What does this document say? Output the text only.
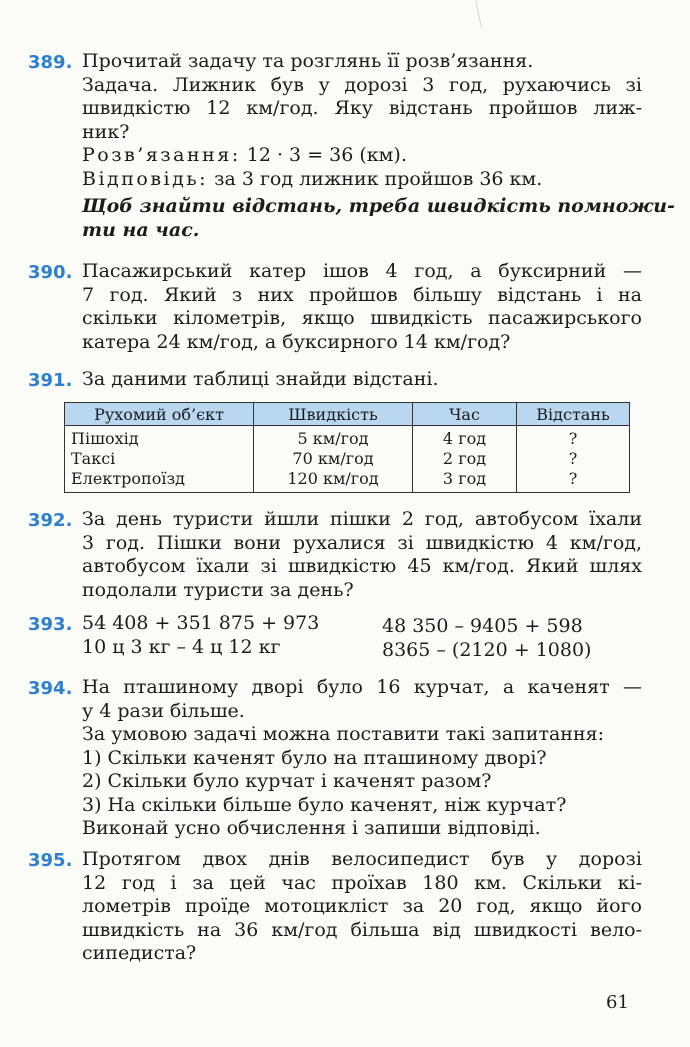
389. Прочитай задачу та розглянь її розв’язання.
Задача. Лижник був у дорозі 3 год, рухаючись зі
швидкістю 12 км/год. Яку відстань пройшов лиж-
ник?
Розв’язання: 12 · 3 = 36 (км).
Відповідь: за 3 год лижник пройшов 36 км.
Щоб знайти відстань, треба швидкість помножи-
ти на час.
390. Пасажирський катер ішов 4 год, а буксирний —
7 год. Який з них пройшов більшу відстань і на
скільки кілометрів, якщо швидкість пасажирського
катера 24 км/год, а буксирного 14 км/год?
391. За даними таблиці знайди відстані.
Рухомий об’єкт	Швидкість	Час	Відстань
Пішохід	5 км/год	4 год	?
Таксі	70 км/год	2 год	?
Електропоїзд	120 км/год	3 год	?
392. За день туристи йшли пішки 2 год, автобусом їхали
3 год. Пішки вони рухалися зі швидкістю 4 км/год,
автобусом їхали зі швидкістю 45 км/год. Який шлях
подолали туристи за день?
393. 54 408 + 351 875 + 973
10 ц 3 кг – 4 ц 12 кг
48 350 – 9405 + 598
8365 – (2120 + 1080)
394. На пташиному дворі було 16 курчат, а каченят —
у 4 рази більше.
За умовою задачі можна поставити такі запитання:
1) Скільки каченят було на пташиному дворі?
2) Скільки було курчат і каченят разом?
3) На скільки більше було каченят, ніж курчат?
Виконай усно обчислення і запиши відповіді.
395. Протягом двох днів велосипедист був у дорозі
12 год і за цей час проїхав 180 км. Скільки кі-
лометрів проїде мотоцикліст за 20 год, якщо його
швидкість на 36 км/год більша від швидкості вело-
сипедиста?
61
